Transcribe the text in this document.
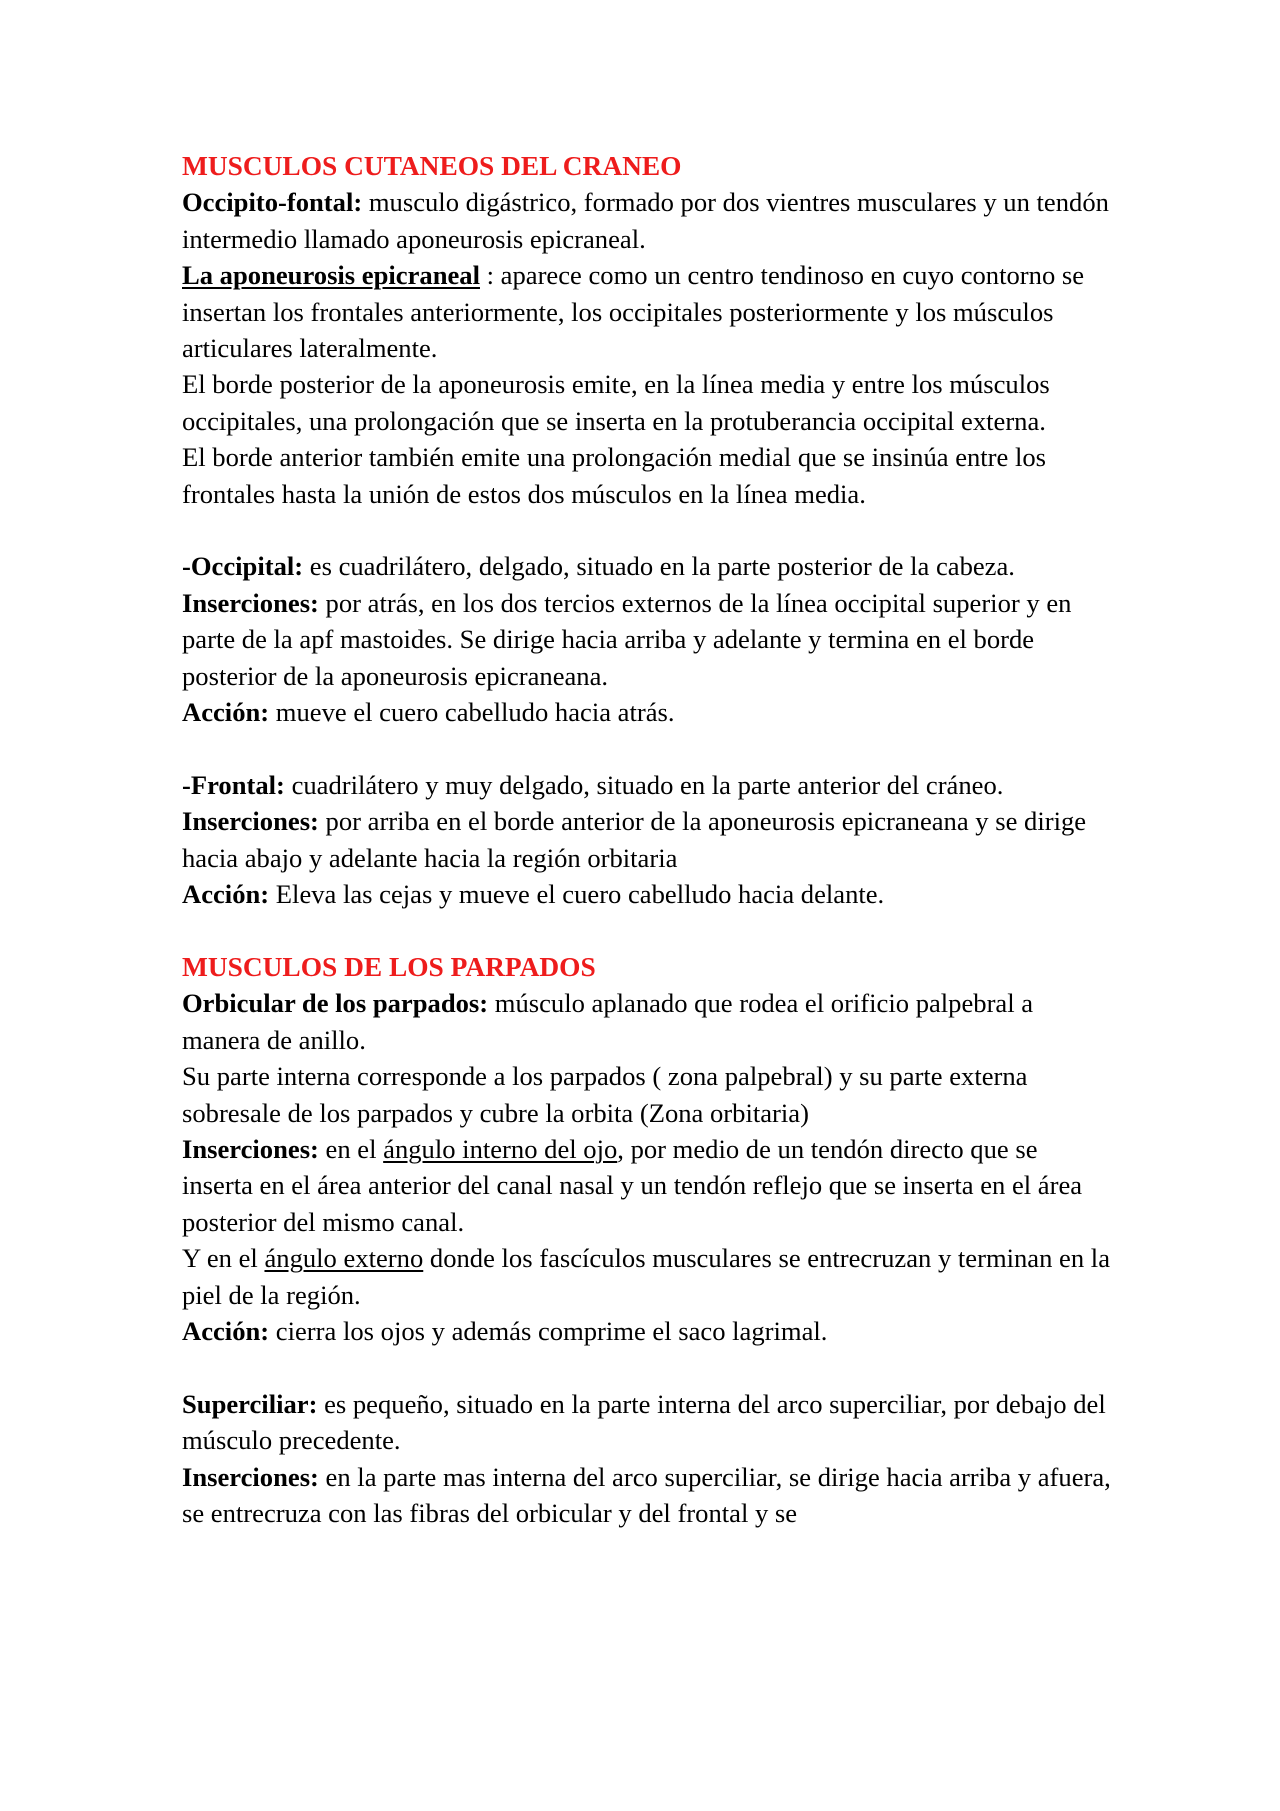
MUSCULOS CUTANEOS DEL CRANEO

Occipito-fontal: musculo digástrico, formado por dos vientres musculares y un tendón intermedio llamado aponeurosis epicraneal.

La aponeurosis epicraneal : aparece como un centro tendinoso en cuyo contorno se insertan los frontales anteriormente, los occipitales posteriormente y los músculos articulares lateralmente.

El borde posterior de la aponeurosis emite, en la línea media y entre los músculos occipitales, una prolongación que se inserta en la protuberancia occipital externa.

El borde anterior también emite una prolongación medial que se insinúa entre los frontales hasta la unión de estos dos músculos en la línea media.

-Occipital: es cuadrilátero, delgado, situado en la parte posterior de la cabeza.

Inserciones: por atrás, en los dos tercios externos de la línea occipital superior y en parte de la apf mastoides. Se dirige hacia arriba y adelante y termina en el borde posterior de la aponeurosis epicraneana.

Acción: mueve el cuero cabelludo hacia atrás.

-Frontal: cuadrilátero y muy delgado, situado en la parte anterior del cráneo.

Inserciones: por arriba en el borde anterior de la aponeurosis epicraneana y se dirige hacia abajo y adelante hacia la región orbitaria

Acción: Eleva las cejas y mueve el cuero cabelludo hacia delante.

MUSCULOS DE LOS PARPADOS

Orbicular de los parpados: músculo aplanado que rodea el orificio palpebral a manera de anillo.

Su parte interna corresponde a los parpados ( zona palpebral) y su parte externa sobresale de los parpados y cubre la orbita (Zona orbitaria)

Inserciones: en el ángulo interno del ojo, por medio de un tendón directo que se inserta en el área anterior del canal nasal y un tendón reflejo que se inserta en el área posterior del mismo canal.

Y en el ángulo externo donde los fascículos musculares se entrecruzan y terminan en la piel de la región.

Acción: cierra los ojos y además comprime el saco lagrimal.

Superciliar: es pequeño, situado en la parte interna del arco superciliar, por debajo del músculo precedente.

Inserciones: en la parte mas interna del arco superciliar, se dirige hacia arriba y afuera, se entrecruza con las fibras del orbicular y del frontal y se
